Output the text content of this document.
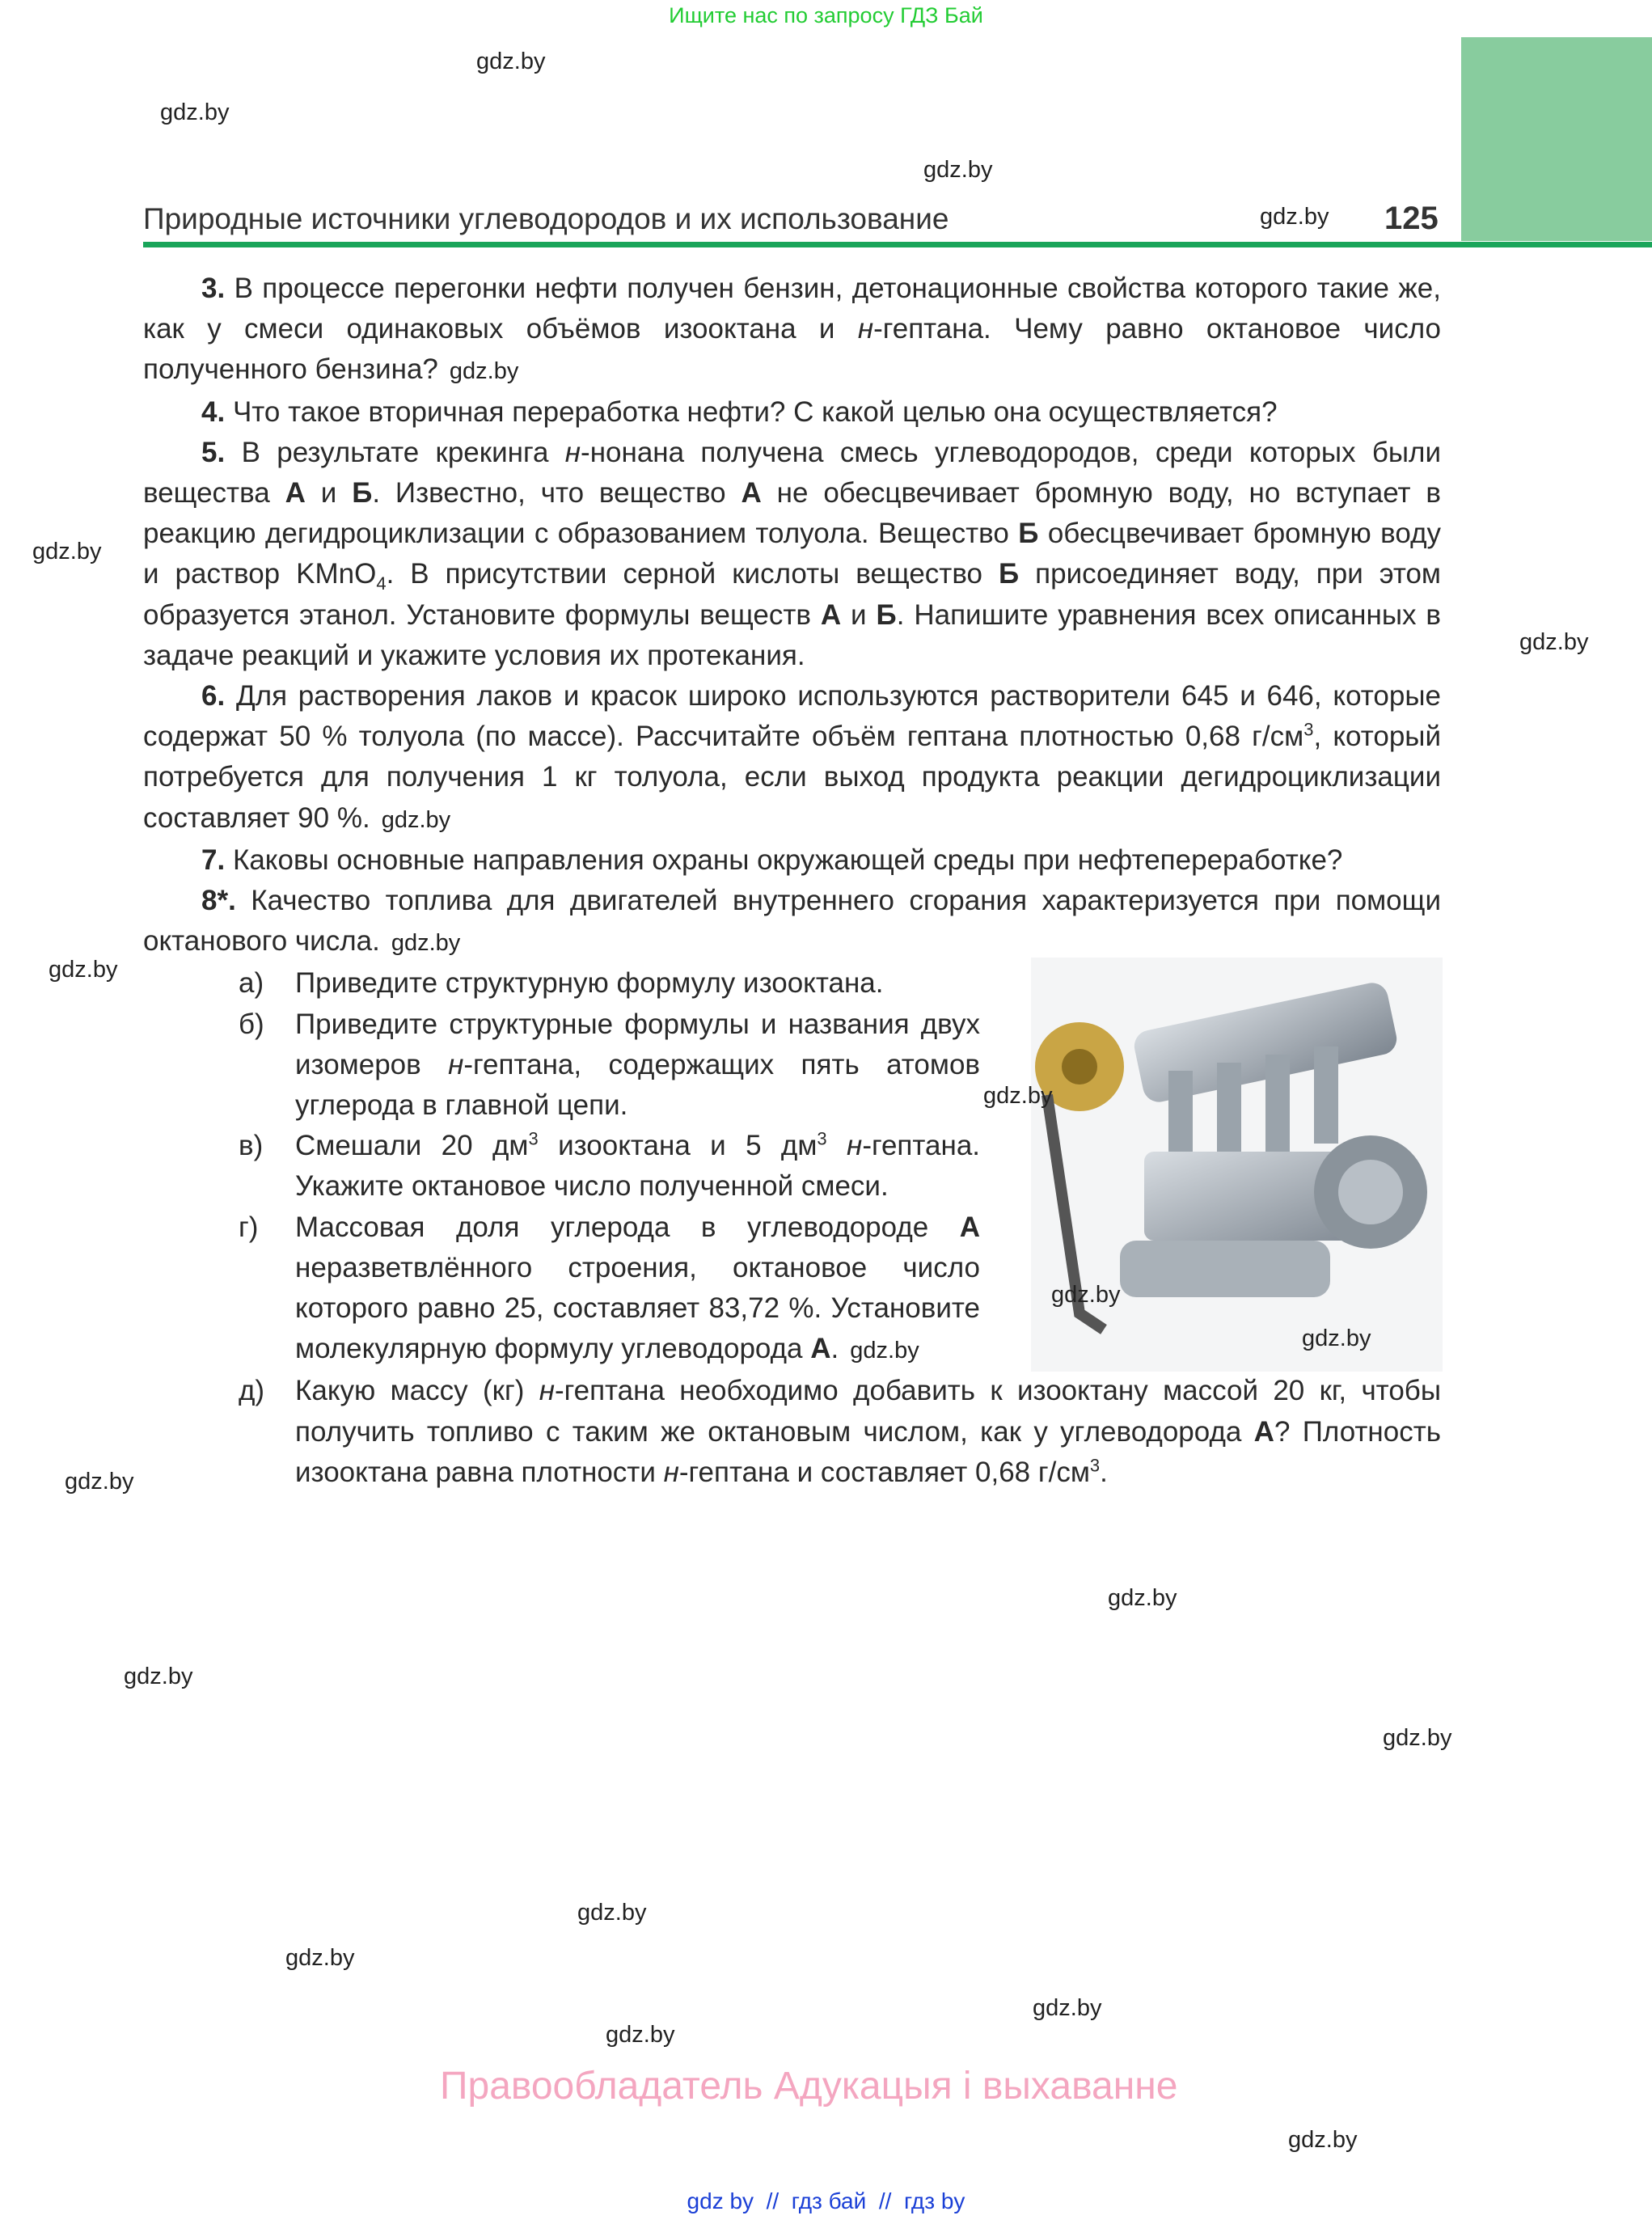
Ищите нас по запросу ГДЗ Бай
Природные источники углеводородов и их использование	125

3. В процессе перегонки нефти получен бензин, детонационные свойства которого такие же, как у смеси одинаковых объёмов изооктана и н-гептана. Чему равно октановое число полученного бензина? gdz.by

4. Что такое вторичная переработка нефти? С какой целью она осуществляется?

5. В результате крекинга н-нонана получена смесь углеводородов, среди которых были вещества А и Б. Известно, что вещество А не обесцвечивает бромную воду, но вступает в реакцию дегидроциклизации с образованием толуола. Вещество Б обесцвечивает бромную воду и раствор KMnO$_4$. В присутствии серной кислоты вещество Б присоединяет воду, при этом образуется этанол. Установите формулы веществ А и Б. Напишите уравнения всех описанных в задаче реакций и укажите условия их протекания.

6. Для растворения лаков и красок широко используются растворители 645 и 646, которые содержат 50 % толуола (по массе). Рассчитайте объём гептана плотностью 0,68 $г/см^3$, который потребуется для получения 1 кг толуола, если выход продукта реакции дегидроциклизации составляет 90 %. gdz.by

7. Каковы основные направления охраны окружающей среды при нефтепереработке?

8*. Качество топлива для двигателей внутреннего сгорания характеризуется при помощи октанового числа. gdz.by

а)	Приведите структурную формулу изооктана.
б)	Приведите структурные формулы и названия двух изомеров н-гептана, содержащих пять атомов углерода в главной цепи.
в)	Смешали 20 $дм^3$ изооктана и 5 $дм^3$ н-гептана. Укажите октановое число полученной смеси.
г)	Массовая доля углерода в углеводороде А неразветвлённого строения, октановое число которого равно 25, составляет 83,72 %. Установите молекулярную формулу углеводорода А. gdz.by
д)	Какую массу (кг) н-гептана необходимо добавить к изооктану массой 20 кг, чтобы получить топливо с таким же октановым числом, как у углеводорода А? Плотность изооктана равна плотности н-гептана и составляет 0,68 $г/см^3$.
Правообладатель Адукацыя і выхаванне
gdz by // гдз бай // гдз by
gdz.by
gdz.by
gdz.by
gdz.by
gdz.by
gdz.by
gdz.by
gdz.by
gdz.by
gdz.by
gdz.by
gdz.by
gdz.by
gdz.by
gdz.by
gdz.by
gdz.by
gdz.by
gdz.by
